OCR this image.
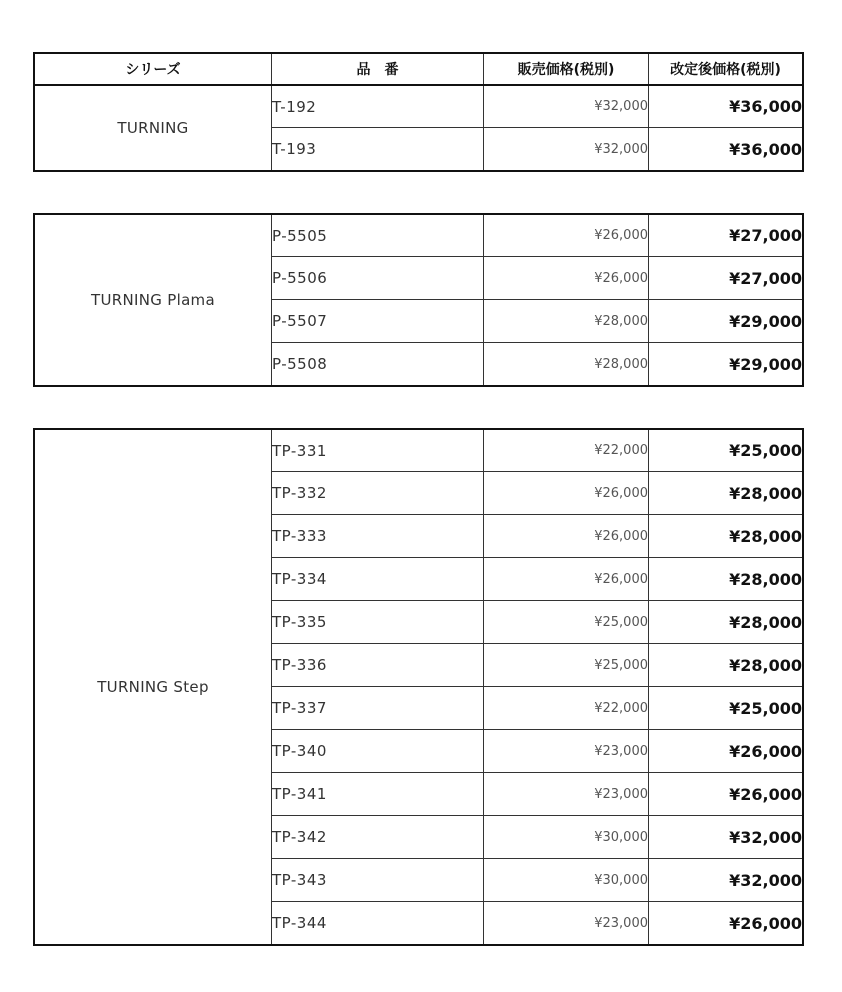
シリーズ	品　番	販売価格(税別)	改定後価格(税別)
TURNING	T-192	¥32,000	¥36,000
	T-193	¥32,000	¥36,000
TURNING Plama	P-5505	¥26,000	¥27,000
	P-5506	¥26,000	¥27,000
	P-5507	¥28,000	¥29,000
	P-5508	¥28,000	¥29,000
TURNING Step	TP-331	¥22,000	¥25,000
	TP-332	¥26,000	¥28,000
	TP-333	¥26,000	¥28,000
	TP-334	¥26,000	¥28,000
	TP-335	¥25,000	¥28,000
	TP-336	¥25,000	¥28,000
	TP-337	¥22,000	¥25,000
	TP-340	¥23,000	¥26,000
	TP-341	¥23,000	¥26,000
	TP-342	¥30,000	¥32,000
	TP-343	¥30,000	¥32,000
	TP-344	¥23,000	¥26,000
